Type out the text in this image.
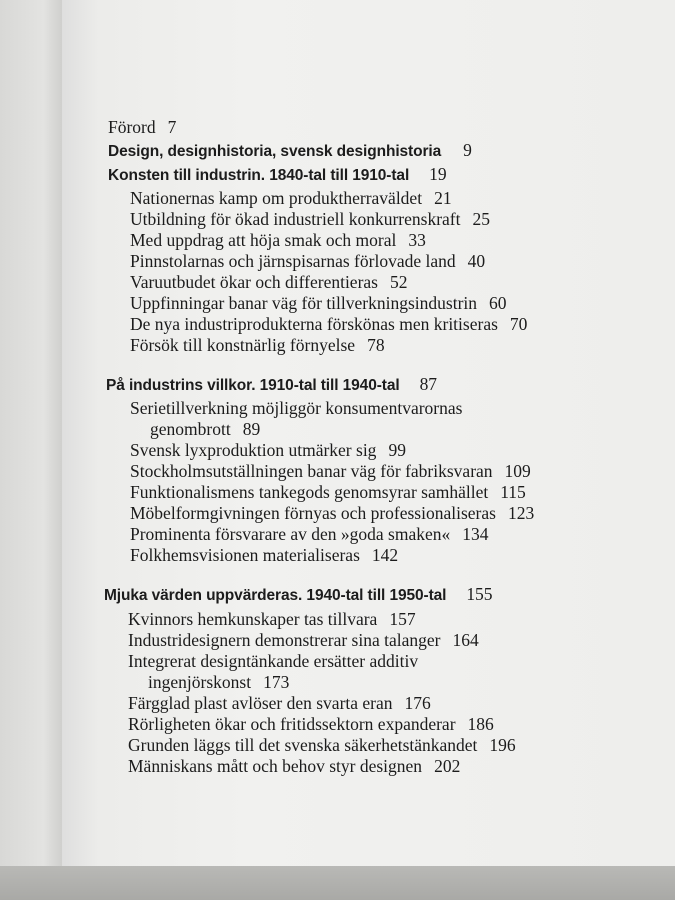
Förord 7
Design, designhistoria, svensk designhistoria 9
Konsten till industrin. 1840-tal till 1910-tal 19
Nationernas kamp om produktherraväldet 21
Utbildning för ökad industriell konkurrenskraft 25
Med uppdrag att höja smak och moral 33
Pinnstolarnas och järnspisarnas förlovade land 40
Varuutbudet ökar och differentieras 52
Uppfinningar banar väg för tillverkningsindustrin 60
De nya industriprodukterna förskönas men kritiseras 70
Försök till konstnärlig förnyelse 78
På industrins villkor. 1910-tal till 1940-tal 87
Serietillverkning möjliggör konsumentvarornas
genombrott 89
Svensk lyxproduktion utmärker sig 99
Stockholmsutställningen banar väg för fabriksvaran 109
Funktionalismens tankegods genomsyrar samhället 115
Möbelformgivningen förnyas och professionaliseras 123
Prominenta försvarare av den »goda smaken« 134
Folkhemsvisionen materialiseras 142
Mjuka värden uppvärderas. 1940-tal till 1950-tal 155
Kvinnors hemkunskaper tas tillvara 157
Industridesignern demonstrerar sina talanger 164
Integrerat designtänkande ersätter additiv
ingenjörskonst 173
Färgglad plast avlöser den svarta eran 176
Rörligheten ökar och fritidssektorn expanderar 186
Grunden läggs till det svenska säkerhetstänkandet 196
Människans mått och behov styr designen 202
